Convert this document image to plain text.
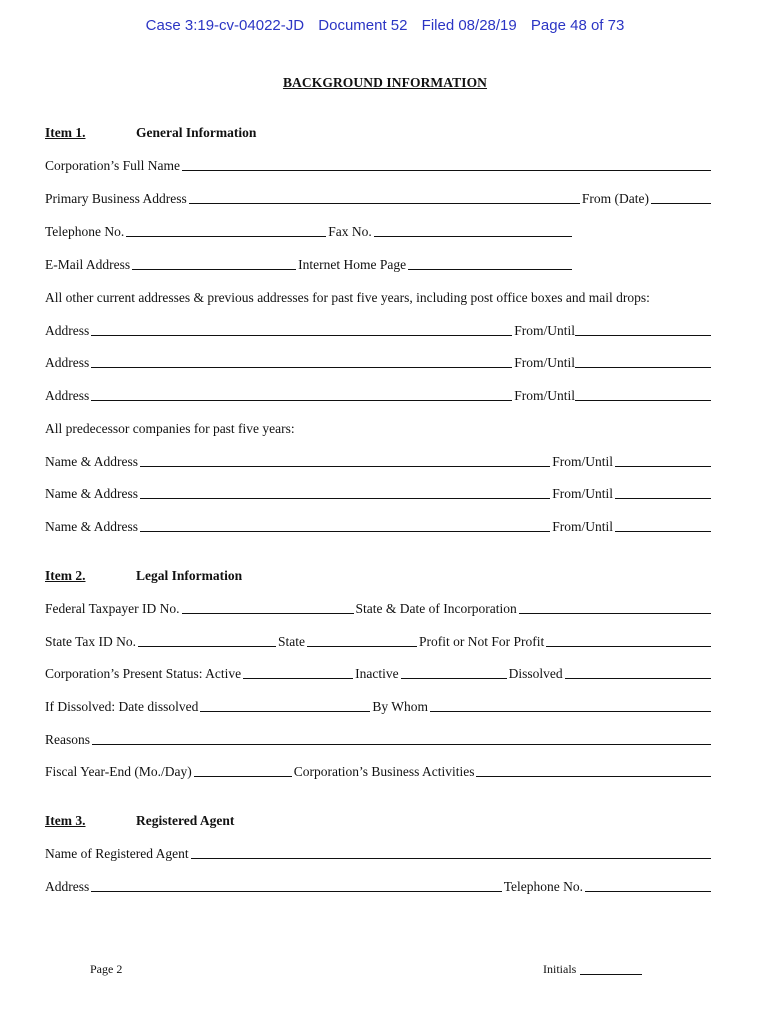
Case 3:19-cv-04022-JD Document 52 Filed 08/28/19 Page 48 of 73
BACKGROUND INFORMATION
Item 1.	General Information
Corporation’s Full Name
Primary Business Address	From (Date)
Telephone No.	Fax No.
E-Mail Address	Internet Home Page
All other current addresses & previous addresses for past five years, including post office boxes and mail drops:
Address	From/Until
Address	From/Until
Address	From/Until
All predecessor companies for past five years:
Name & Address	From/Until
Name & Address	From/Until
Name & Address	From/Until
Item 2.	Legal Information
Federal Taxpayer ID No.	State & Date of Incorporation
State Tax ID No.	State	Profit or Not For Profit
Corporation’s Present Status: Active	Inactive	Dissolved
If Dissolved: Date dissolved	By Whom
Reasons
Fiscal Year-End (Mo./Day)	Corporation’s Business Activities
Item 3.	Registered Agent
Name of Registered Agent
Address	Telephone No.
Page 2	Initials
